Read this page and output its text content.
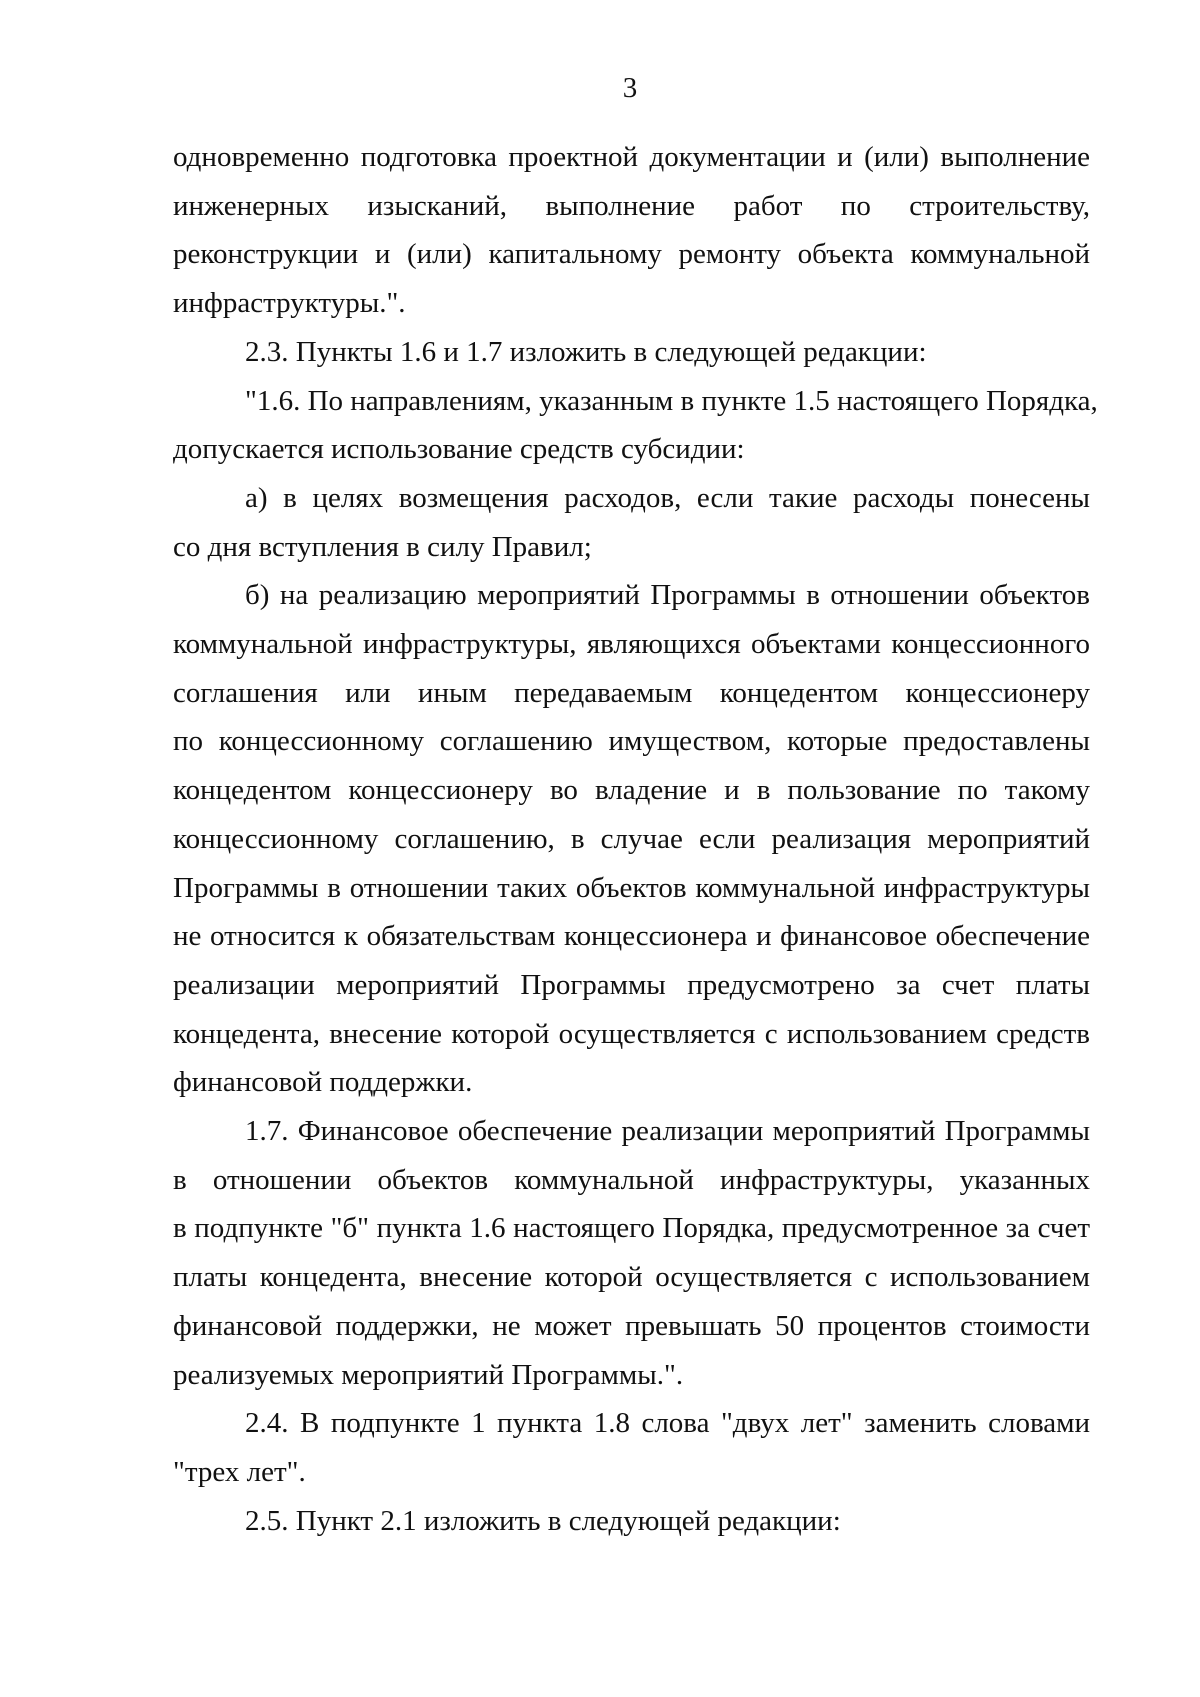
3

одновременно подготовка проектной документации и (или) выполнение
инженерных изысканий, выполнение работ по строительству,
реконструкции и (или) капитальному ремонту объекта коммунальной
инфраструктуры.".

2.3. Пункты 1.6 и 1.7 изложить в следующей редакции:

"1.6. По направлениям, указанным в пункте 1.5 настоящего Порядка,
допускается использование средств субсидии:

а) в целях возмещения расходов, если такие расходы понесены
со дня вступления в силу Правил;

б) на реализацию мероприятий Программы в отношении объектов
коммунальной инфраструктуры, являющихся объектами концессионного
соглашения или иным передаваемым концедентом концессионеру
по концессионному соглашению имуществом, которые предоставлены
концедентом концессионеру во владение и в пользование по такому
концессионному соглашению, в случае если реализация мероприятий
Программы в отношении таких объектов коммунальной инфраструктуры
не относится к обязательствам концессионера и финансовое обеспечение
реализации мероприятий Программы предусмотрено за счет платы
концедента, внесение которой осуществляется с использованием средств
финансовой поддержки.

1.7. Финансовое обеспечение реализации мероприятий Программы
в отношении объектов коммунальной инфраструктуры, указанных
в подпункте "б" пункта 1.6 настоящего Порядка, предусмотренное за счет
платы концедента, внесение которой осуществляется с использованием
финансовой поддержки, не может превышать 50 процентов стоимости
реализуемых мероприятий Программы.".

2.4. В подпункте 1 пункта 1.8 слова "двух лет" заменить словами
"трех лет".

2.5. Пункт 2.1 изложить в следующей редакции:
